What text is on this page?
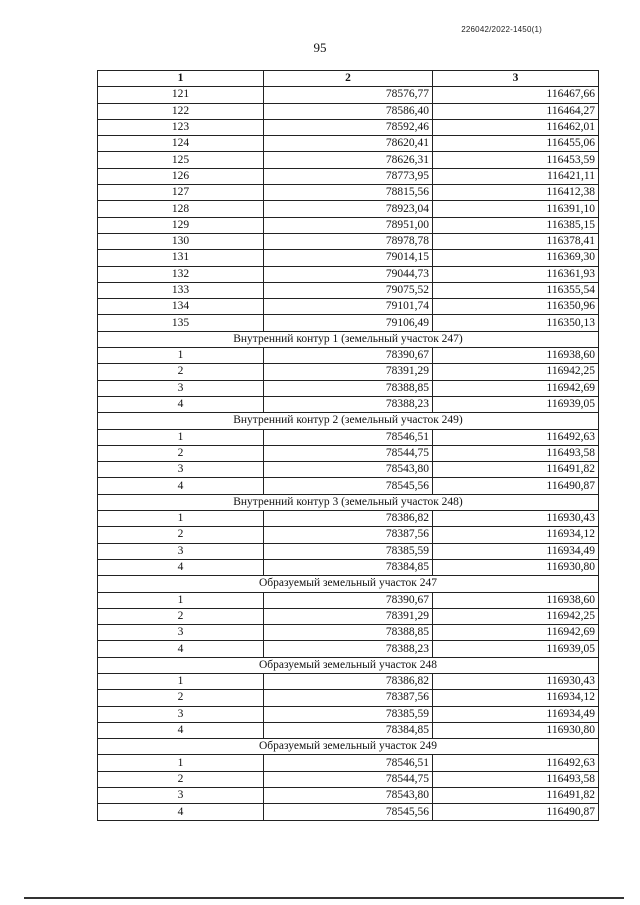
226042/2022-1450(1)
95
1	2	3
121	78576,77	116467,66
122	78586,40	116464,27
123	78592,46	116462,01
124	78620,41	116455,06
125	78626,31	116453,59
126	78773,95	116421,11
127	78815,56	116412,38
128	78923,04	116391,10
129	78951,00	116385,15
130	78978,78	116378,41
131	79014,15	116369,30
132	79044,73	116361,93
133	79075,52	116355,54
134	79101,74	116350,96
135	79106,49	116350,13
Внутренний контур 1 (земельный участок 247)		
1	78390,67	116938,60
2	78391,29	116942,25
3	78388,85	116942,69
4	78388,23	116939,05
Внутренний контур 2 (земельный участок 249)		
1	78546,51	116492,63
2	78544,75	116493,58
3	78543,80	116491,82
4	78545,56	116490,87
Внутренний контур 3 (земельный участок 248)		
1	78386,82	116930,43
2	78387,56	116934,12
3	78385,59	116934,49
4	78384,85	116930,80
Образуемый земельный участок 247		
1	78390,67	116938,60
2	78391,29	116942,25
3	78388,85	116942,69
4	78388,23	116939,05
Образуемый земельный участок 248		
1	78386,82	116930,43
2	78387,56	116934,12
3	78385,59	116934,49
4	78384,85	116930,80
Образуемый земельный участок 249		
1	78546,51	116492,63
2	78544,75	116493,58
3	78543,80	116491,82
4	78545,56	116490,87
